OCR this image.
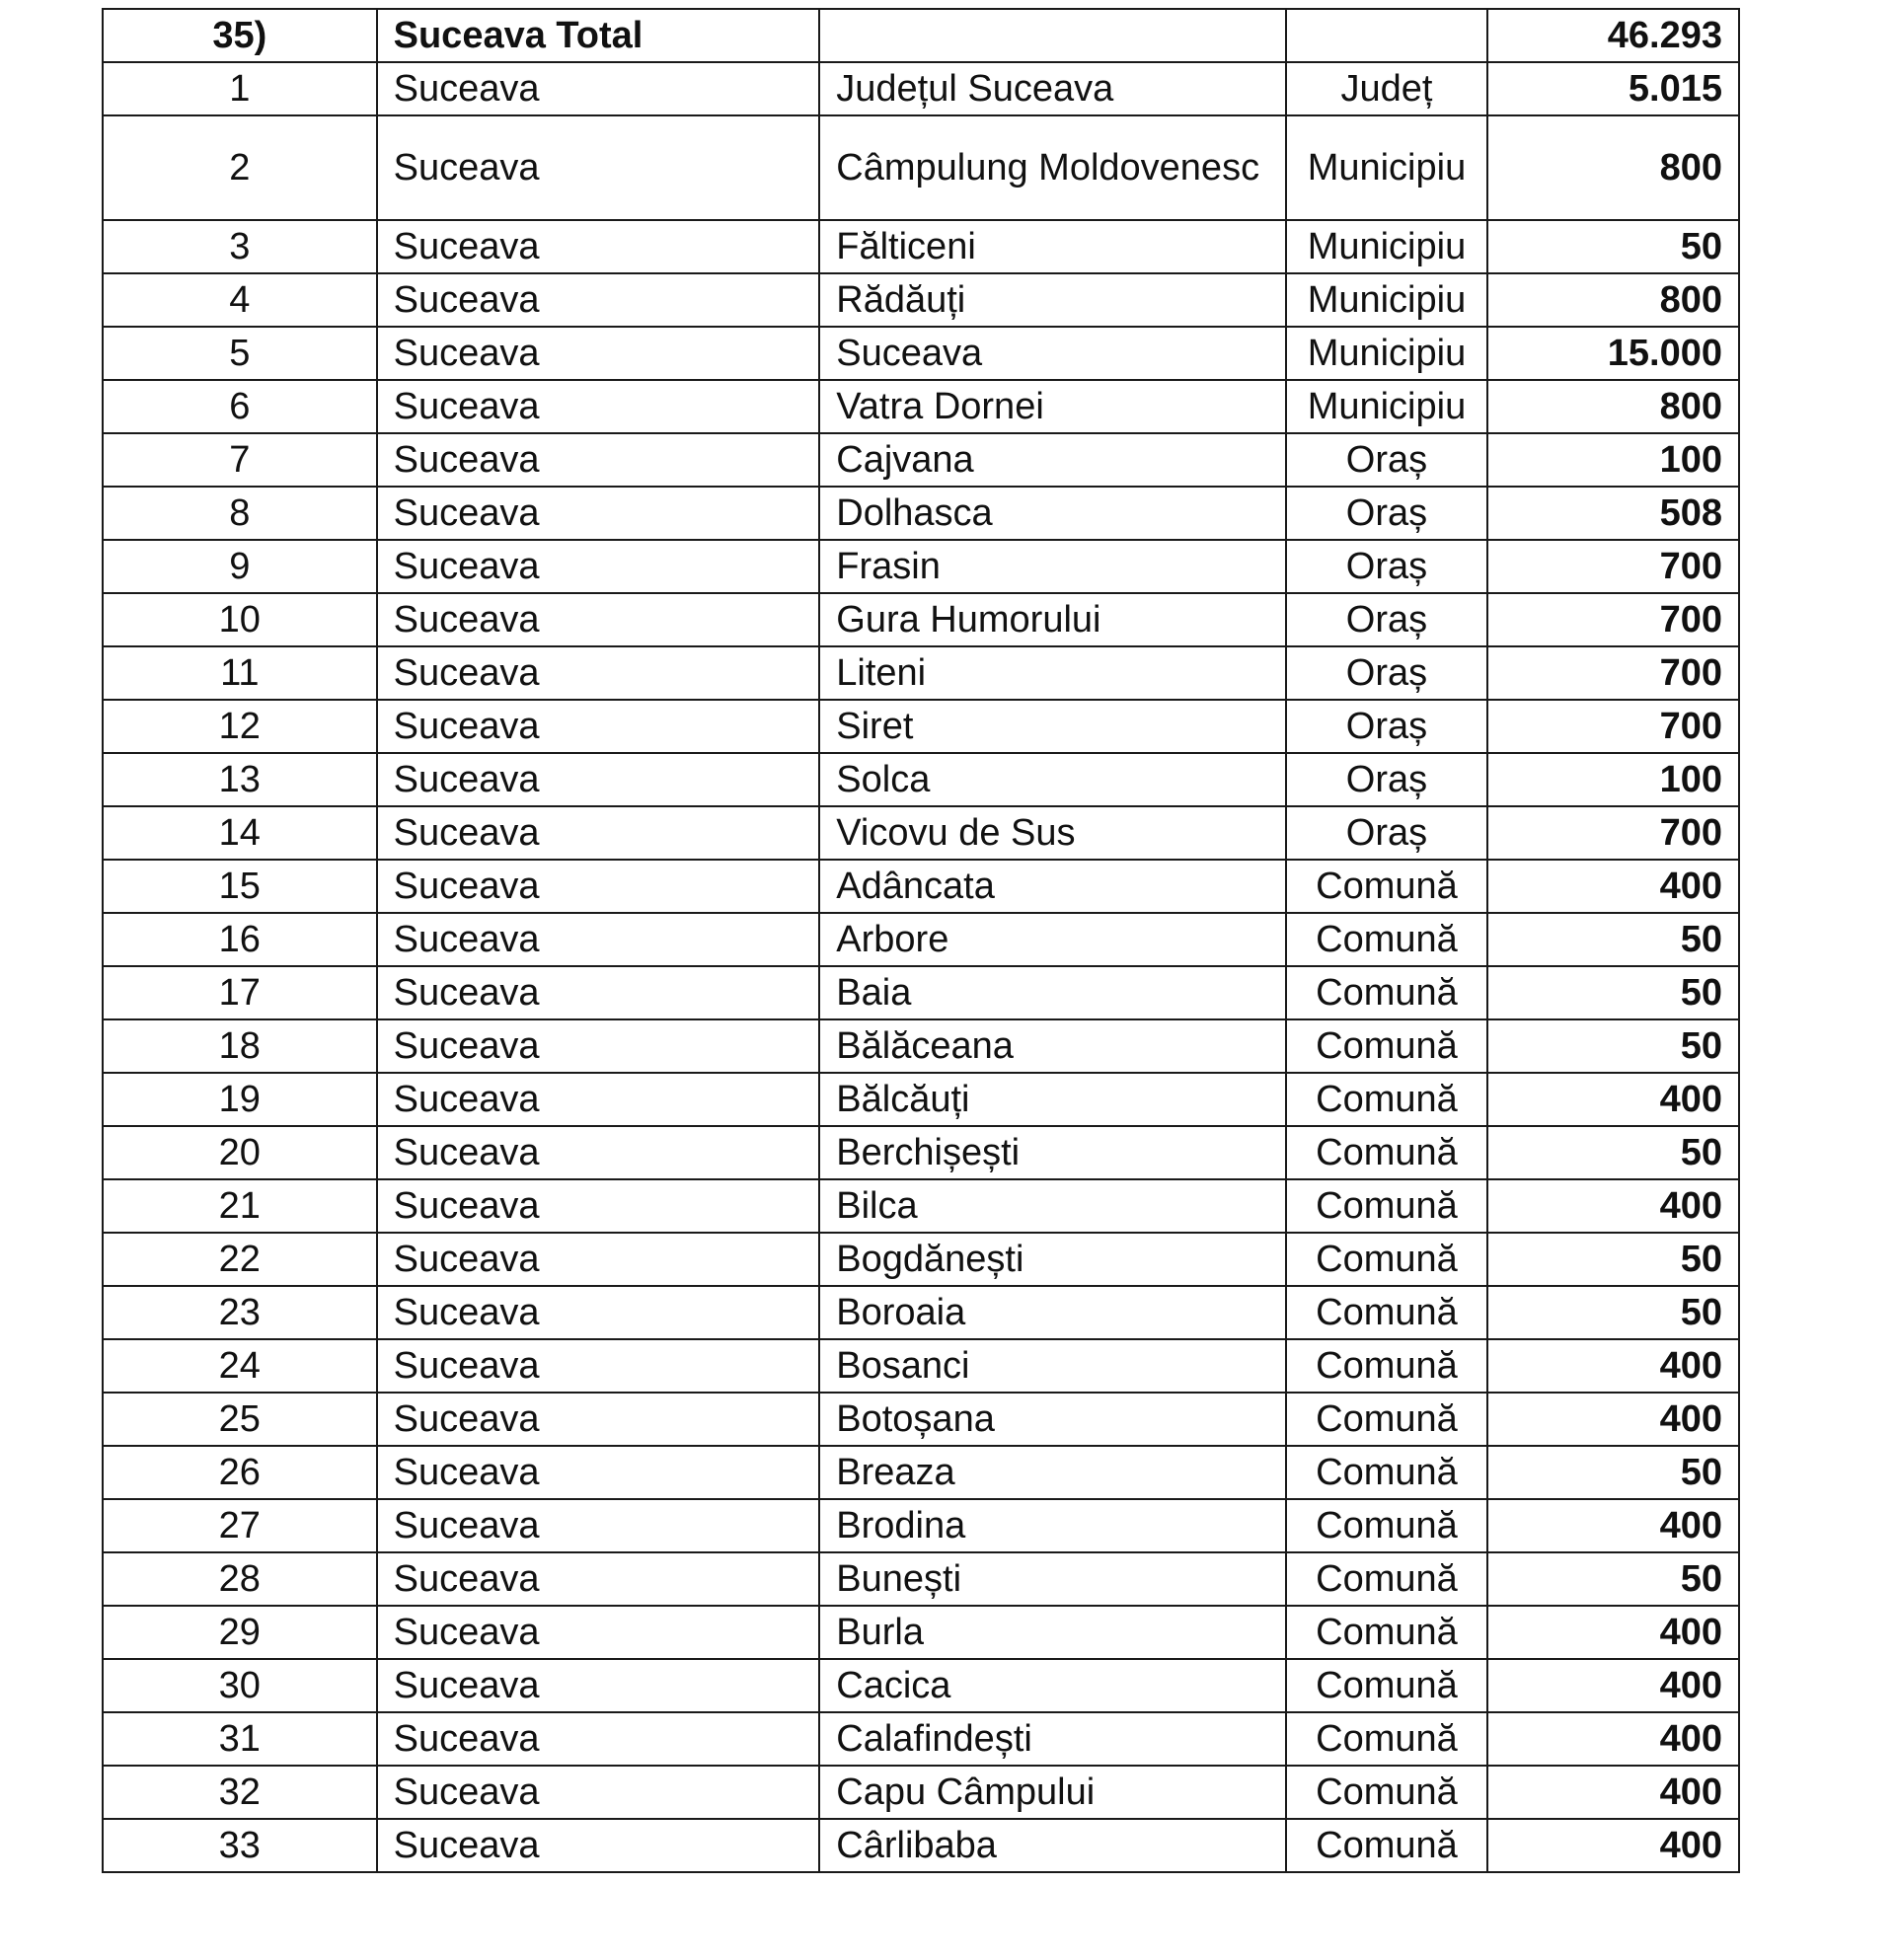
35)	Suceava Total			46.293
1	Suceava	Județul Suceava	Județ	5.015
2	Suceava	Câmpulung Moldovenesc	Municipiu	800
3	Suceava	Fălticeni	Municipiu	50
4	Suceava	Rădăuți	Municipiu	800
5	Suceava	Suceava	Municipiu	15.000
6	Suceava	Vatra Dornei	Municipiu	800
7	Suceava	Cajvana	Oraș	100
8	Suceava	Dolhasca	Oraș	508
9	Suceava	Frasin	Oraș	700
10	Suceava	Gura Humorului	Oraș	700
11	Suceava	Liteni	Oraș	700
12	Suceava	Siret	Oraș	700
13	Suceava	Solca	Oraș	100
14	Suceava	Vicovu de Sus	Oraș	700
15	Suceava	Adâncata	Comună	400
16	Suceava	Arbore	Comună	50
17	Suceava	Baia	Comună	50
18	Suceava	Bălăceana	Comună	50
19	Suceava	Bălcăuți	Comună	400
20	Suceava	Berchișești	Comună	50
21	Suceava	Bilca	Comună	400
22	Suceava	Bogdănești	Comună	50
23	Suceava	Boroaia	Comună	50
24	Suceava	Bosanci	Comună	400
25	Suceava	Botoșana	Comună	400
26	Suceava	Breaza	Comună	50
27	Suceava	Brodina	Comună	400
28	Suceava	Bunești	Comună	50
29	Suceava	Burla	Comună	400
30	Suceava	Cacica	Comună	400
31	Suceava	Calafindești	Comună	400
32	Suceava	Capu Câmpului	Comună	400
33	Suceava	Cârlibaba	Comună	400
